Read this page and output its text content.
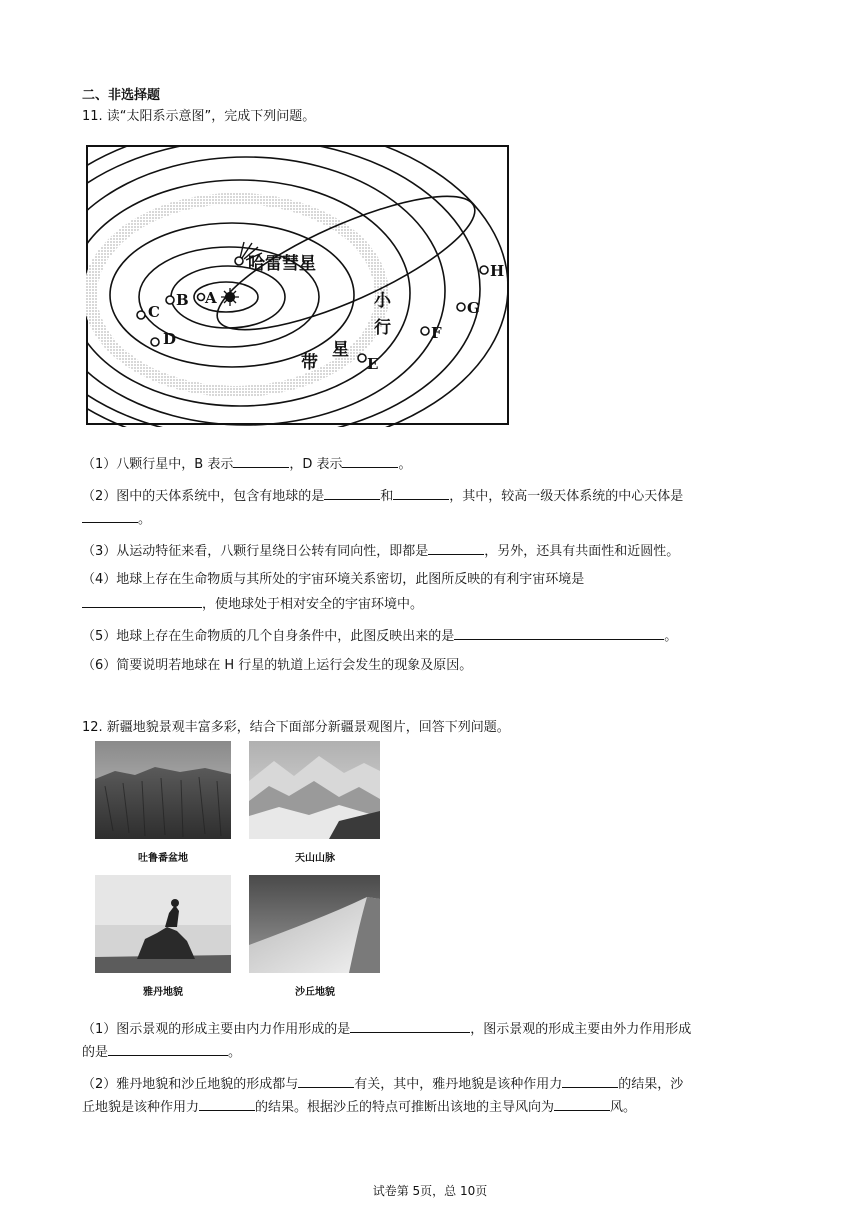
二、非选择题
11. 读“太阳系示意图”，完成下列问题。
A
B
C
D
E
F
G
H
哈雷彗星
小
行
星
带
（1）八颗行星中，B 表示	，D 表示	。
（2）图中的天体系统中，包含有地球的是	和	，其中，较高一级天体系统的中心天体是
。
（3）从运动特征来看，八颗行星绕日公转有同向性，即都是	，另外，还具有共面性和近圆性。
（4）地球上存在生命物质与其所处的宇宙环境关系密切，此图所反映的有利宇宙环境是
，使地球处于相对安全的宇宙环境中。
（5）地球上存在生命物质的几个自身条件中，此图反映出来的是	。
（6）简要说明若地球在 H 行星的轨道上运行会发生的现象及原因。
12. 新疆地貌景观丰富多彩，结合下面部分新疆景观图片，回答下列问题。
吐鲁番盆地	天山山脉
雅丹地貌	沙丘地貌
（1）图示景观的形成主要由内力作用形成的是	，图示景观的形成主要由外力作用形成
的是	。
（2）雅丹地貌和沙丘地貌的形成都与	有关，其中，雅丹地貌是该种作用力	的结果，沙
丘地貌是该种作用力	的结果。根据沙丘的特点可推断出该地的主导风向为	风。
试卷第 5页，总 10页
